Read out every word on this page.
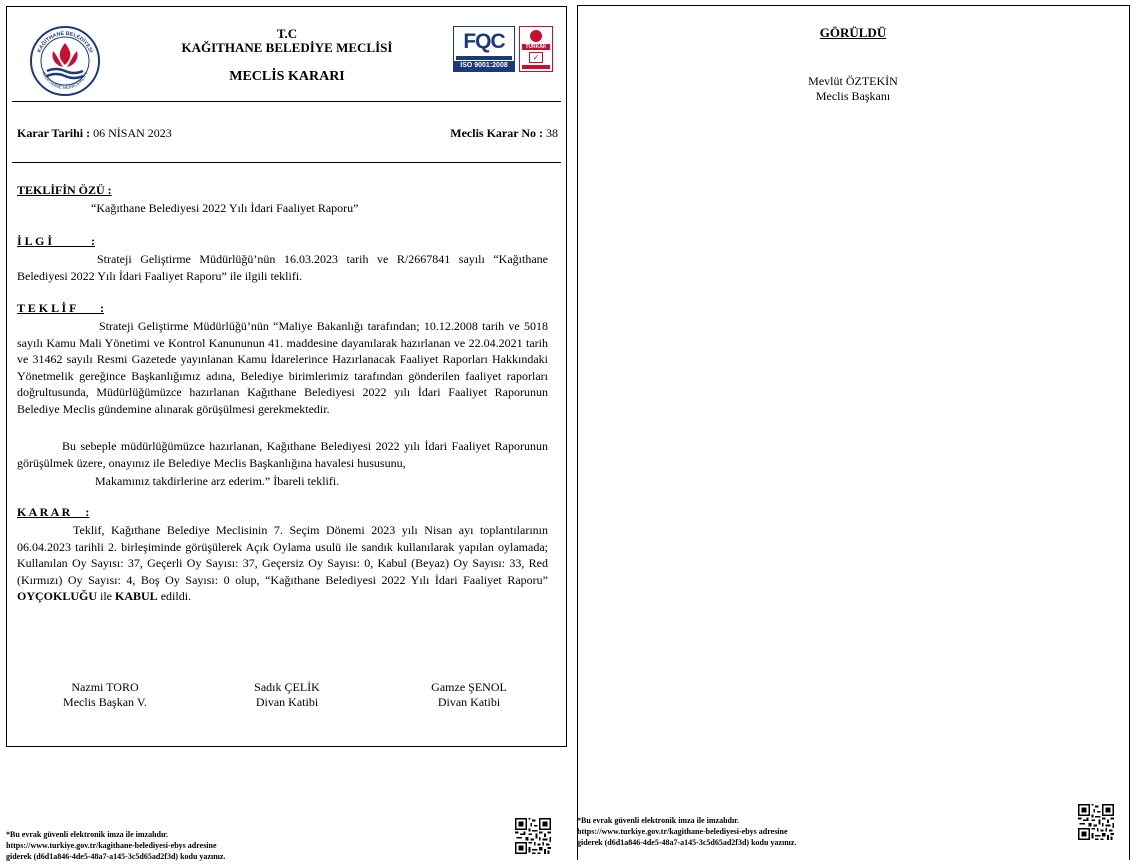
KAĞITHANE BELEDİYESİ
KAĞITHANE MUNICIPALITY
T.C
KAĞITHANE BELEDİYE MECLİSİ
MECLİS KARARI
FQC
ISO 9001:2008
TÜRKAK
✓
Karar Tarihi : 06 NİSAN 2023	Meclis Karar No : 38
TEKLİFİN ÖZÜ :
“Kağıthane Belediyesi 2022 Yılı İdari Faaliyet Raporu”
İ L G İ             :
Strateji Geliştirme Müdürlüğü’nün 16.03.2023 tarih ve R/2667841 sayılı “Kağıthane Belediyesi 2022 Yılı İdari Faaliyet Raporu” ile ilgili teklifi.
T E K L İ F        :
Strateji Geliştirme Müdürlüğü’nün “Maliye Bakanlığı tarafından; 10.12.2008 tarih ve 5018 sayılı Kamu Mali Yönetimi ve Kontrol Kanununun 41. maddesine dayanılarak hazırlanan ve 22.04.2021 tarih ve 31462 sayılı Resmi Gazetede yayınlanan Kamu İdarelerince Hazırlanacak Faaliyet Raporları Hakkındaki Yönetmelik gereğince Başkanlığımız adına, Belediye birimlerimiz tarafından gönderilen faaliyet raporları doğrultusunda, Müdürlüğümüzce hazırlanan Kağıthane Belediyesi 2022 yılı İdari Faaliyet Raporunun Belediye Meclis gündemine alınarak görüşülmesi gerekmektedir.
Bu sebeple müdürlüğümüzce hazırlanan, Kağıthane Belediyesi 2022 yılı İdari Faaliyet Raporunun görüşülmek üzere, onayınız ile Belediye Meclis Başkanlığına havalesi hususunu,
Makamınız takdirlerine arz ederim.” İbareli teklifi.
K A R A R     :
Teklif, Kağıthane Belediye Meclisinin 7. Seçim Dönemi 2023 yılı Nisan ayı toplantılarının 06.04.2023 tarihli 2. birleşiminde görüşülerek Açık Oylama usulü ile sandık kullanılarak yapılan oylamada; Kullanılan Oy Sayısı: 37, Geçerli Oy Sayısı: 37, Geçersiz Oy Sayısı: 0, Kabul (Beyaz) Oy Sayısı: 33, Red (Kırmızı) Oy Sayısı: 4, Boş Oy Sayısı: 0 olup, “Kağıthane Belediyesi 2022 Yılı İdari Faaliyet Raporu” OYÇOKLUĞU ile KABUL edildi.
Nazmi TORO
Meclis Başkan V.
Sadık ÇELİK
Divan Katibi
Gamze ŞENOL
Divan Katibi
*Bu evrak güvenli elektronik imza ile imzalıdır.
https://www.turkiye.gov.tr/kagithane-belediyesi-ebys adresine
giderek (d6d1a846-4de5-48a7-a145-3c5d65ad2f3d) kodu yazınız.
GÖRÜLDÜ
Mevlüt ÖZTEKİN
Meclis Başkanı
*Bu evrak güvenli elektronik imza ile imzalıdır.
https://www.turkiye.gov.tr/kagithane-belediyesi-ebys adresine
giderek (d6d1a846-4de5-48a7-a145-3c5d65ad2f3d) kodu yazınız.
